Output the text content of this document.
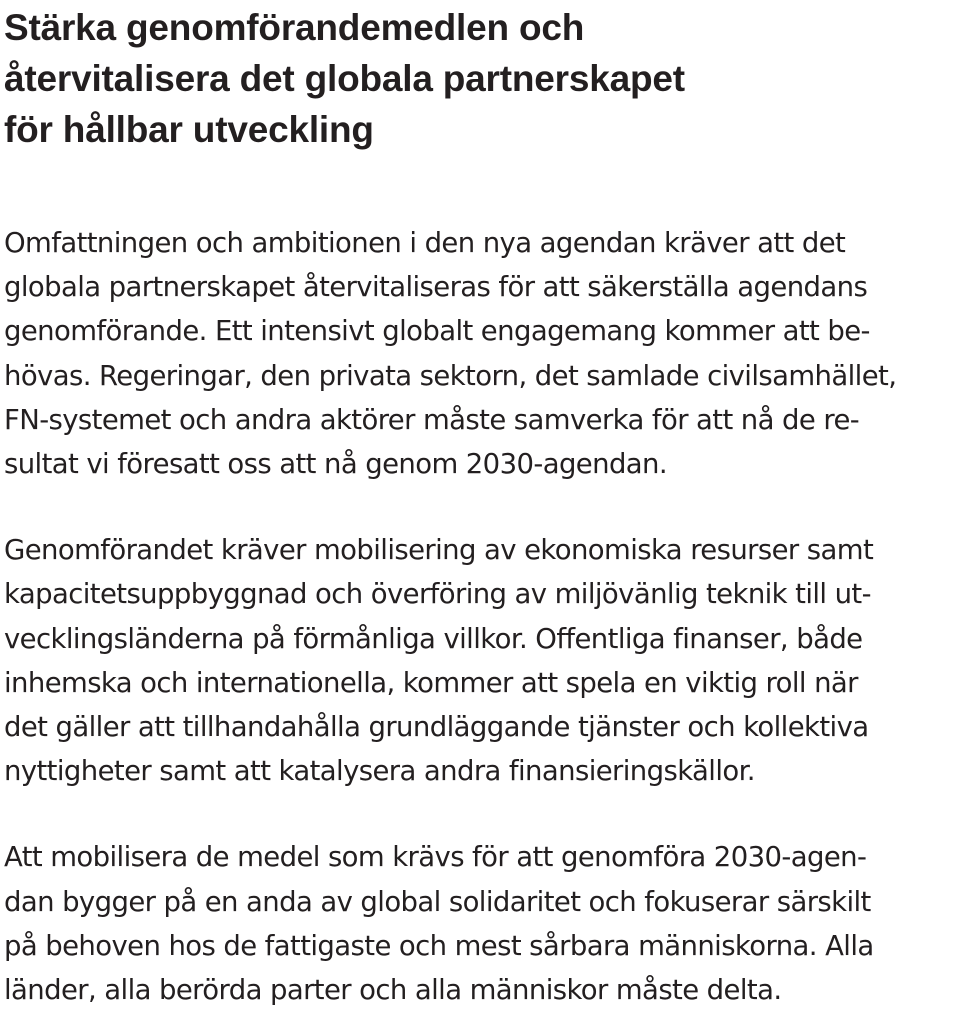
Stärka genomförandemedlen och
återvitalisera det globala partnerskapet
för hållbar utveckling

Omfattningen och ambitionen i den nya agendan kräver att det
globala partnerskapet återvitaliseras för att säkerställa agendans
genomförande. Ett intensivt globalt engagemang kommer att be-
hövas. Regeringar, den privata sektorn, det samlade civilsamhället,
FN-systemet och andra aktörer måste samverka för att nå de re-
sultat vi föresatt oss att nå genom 2030-agendan.

Genomförandet kräver mobilisering av ekonomiska resurser samt
kapacitetsuppbyggnad och överföring av miljövänlig teknik till ut-
vecklingsländerna på förmånliga villkor. Offentliga finanser, både
inhemska och internationella, kommer att spela en viktig roll när
det gäller att tillhandahålla grundläggande tjänster och kollektiva
nyttigheter samt att katalysera andra finansieringskällor.

Att mobilisera de medel som krävs för att genomföra 2030-agen-
dan bygger på en anda av global solidaritet och fokuserar särskilt
på behoven hos de fattigaste och mest sårbara människorna. Alla
länder, alla berörda parter och alla människor måste delta.
